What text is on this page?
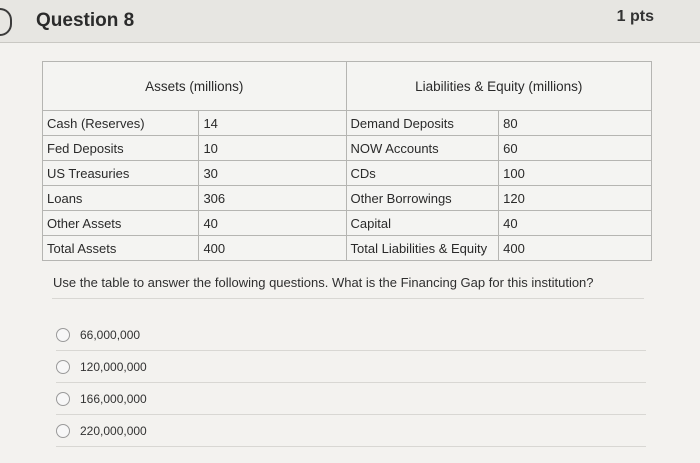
Question 8	1 pts
Assets (millions)		Liabilities & Equity (millions)	
Cash (Reserves)	14	Demand Deposits	80
Fed Deposits	10	NOW Accounts	60
US Treasuries	30	CDs	100
Loans	306	Other Borrowings	120
Other Assets	40	Capital	40
Total Assets	400	Total Liabilities & Equity	400
Use the table to answer the following questions. What is the Financing Gap for this institution?
66,000,000
120,000,000
166,000,000
220,000,000
